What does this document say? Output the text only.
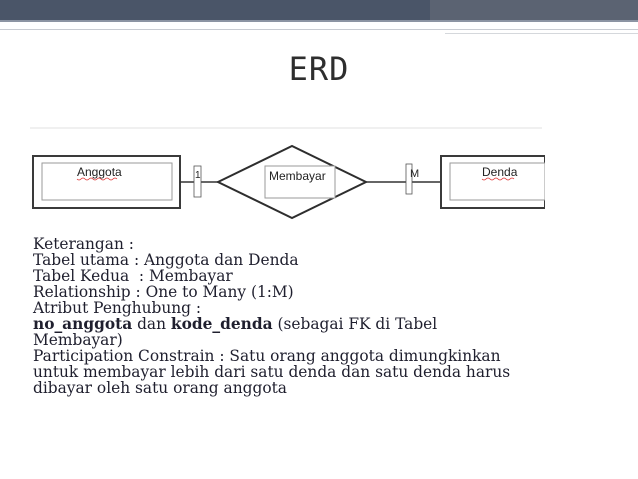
ERD
Anggota	1	Membayar	M	Denda
Keterangan :
Tabel utama : Anggota dan Denda
Tabel Kedua  : Membayar
Relationship : One to Many (1:M)
Atribut Penghubung :
no_anggota dan kode_denda (sebagai FK di Tabel
Membayar)
Participation Constrain : Satu orang anggota dimungkinkan
untuk membayar lebih dari satu denda dan satu denda harus
dibayar oleh satu orang anggota
